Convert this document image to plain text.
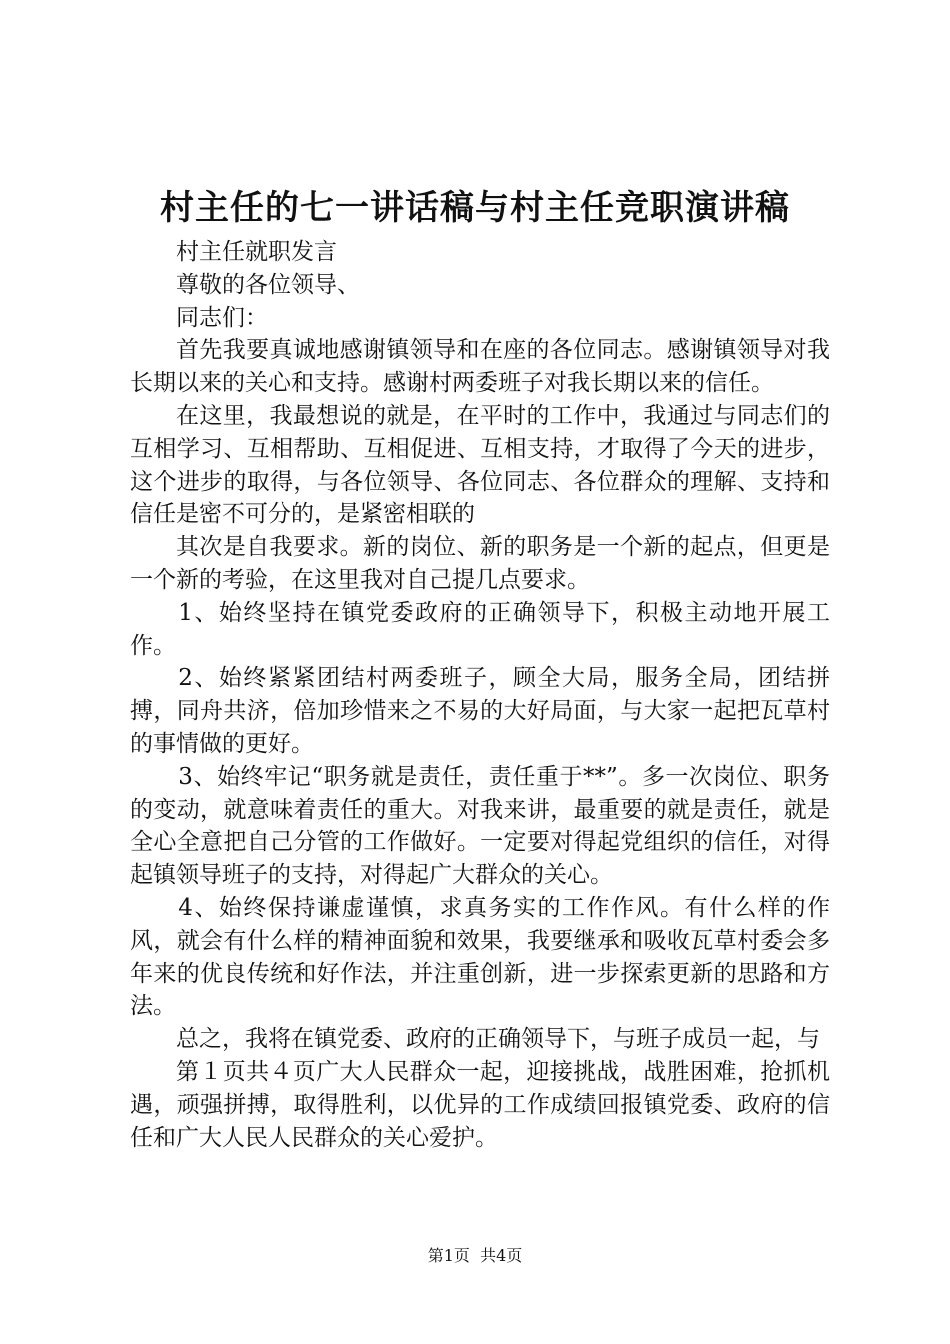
村主任的七一讲话稿与村主任竞职演讲稿

村主任就职发言

尊敬的各位领导、

同志们：

首先我要真诚地感谢镇领导和在座的各位同志。感谢镇领导对我长期以来的关心和支持。感谢村两委班子对我长期以来的信任。

在这里，我最想说的就是，在平时的工作中，我通过与同志们的互相学习、互相帮助、互相促进、互相支持，才取得了今天的进步，这个进步的取得，与各位领导、各位同志、各位群众的理解、支持和信任是密不可分的，是紧密相联的

其次是自我要求。新的岗位、新的职务是一个新的起点，但更是一个新的考验，在这里我对自己提几点要求。

1、始终坚持在镇党委政府的正确领导下，积极主动地开展工作。

2、始终紧紧团结村两委班子，顾全大局，服务全局，团结拼搏，同舟共济，倍加珍惜来之不易的大好局面，与大家一起把瓦草村的事情做的更好。

3、始终牢记“职务就是责任，责任重于**”。多一次岗位、职务的变动，就意味着责任的重大。对我来讲，最重要的就是责任，就是全心全意把自己分管的工作做好。一定要对得起党组织的信任，对得起镇领导班子的支持，对得起广大群众的关心。

4、始终保持谦虚谨慎，求真务实的工作作风。有什么样的作风，就会有什么样的精神面貌和效果，我要继承和吸收瓦草村委会多年来的优良传统和好作法，并注重创新，进一步探索更新的思路和方法。

总之，我将在镇党委、政府的正确领导下，与班子成员一起，与

第１页共４页广大人民群众一起，迎接挑战，战胜困难，抢抓机遇，顽强拼搏，取得胜利，以优异的工作成绩回报镇党委、政府的信任和广大人民人民群众的关心爱护。

第1页  共4页
